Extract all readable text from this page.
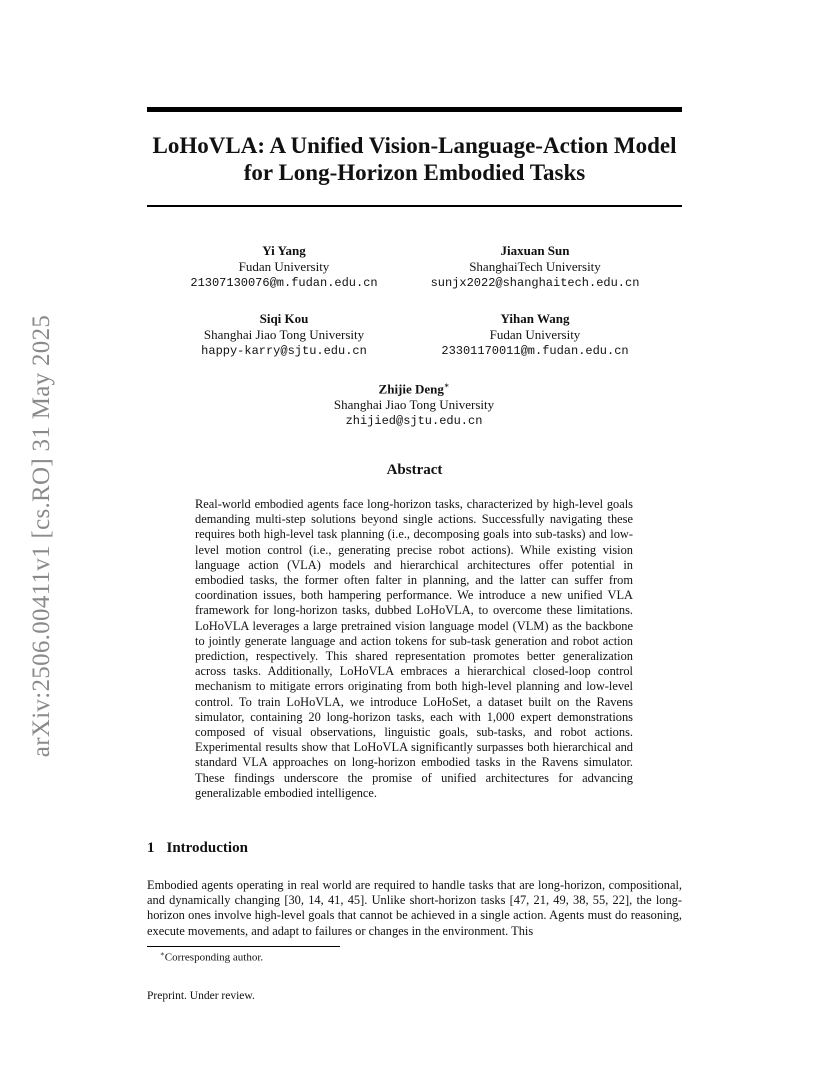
arXiv:2506.00411v1 [cs.RO] 31 May 2025
LoHoVLA: A Unified Vision-Language-Action Model
for Long-Horizon Embodied Tasks
Yi Yang
Fudan University
21307130076@m.fudan.edu.cn
Jiaxuan Sun
ShanghaiTech University
sunjx2022@shanghaitech.edu.cn
Siqi Kou
Shanghai Jiao Tong University
happy-karry@sjtu.edu.cn
Yihan Wang
Fudan University
23301170011@m.fudan.edu.cn
Zhijie Deng∗
Shanghai Jiao Tong University
zhijied@sjtu.edu.cn
Abstract
Real-world embodied agents face long-horizon tasks, characterized by high-level goals demanding multi-step solutions beyond single actions. Successfully navigating these requires both high-level task planning (i.e., decomposing goals into sub-tasks) and low-level motion control (i.e., generating precise robot actions). While existing vision language action (VLA) models and hierarchical architectures offer potential in embodied tasks, the former often falter in planning, and the latter can suffer from coordination issues, both hampering performance. We introduce a new unified VLA framework for long-horizon tasks, dubbed LoHoVLA, to overcome these limitations. LoHoVLA leverages a large pretrained vision language model (VLM) as the backbone to jointly generate language and action tokens for sub-task generation and robot action prediction, respectively. This shared representation promotes better generalization across tasks. Additionally, LoHoVLA embraces a hierarchical closed-loop control mechanism to mitigate errors originating from both high-level planning and low-level control. To train LoHoVLA, we introduce LoHoSet, a dataset built on the Ravens simulator, containing 20 long-horizon tasks, each with 1,000 expert demonstrations composed of visual observations, linguistic goals, sub-tasks, and robot actions. Experimental results show that LoHoVLA significantly surpasses both hierarchical and standard VLA approaches on long-horizon embodied tasks in the Ravens simulator. These findings underscore the promise of unified architectures for advancing generalizable embodied intelligence.
1 Introduction
Embodied agents operating in real world are required to handle tasks that are long-horizon, compositional, and dynamically changing [30, 14, 41, 45]. Unlike short-horizon tasks [47, 21, 49, 38, 55, 22], the long-horizon ones involve high-level goals that cannot be achieved in a single action. Agents must do reasoning, execute movements, and adapt to failures or changes in the environment. This
∗Corresponding author.
Preprint. Under review.
